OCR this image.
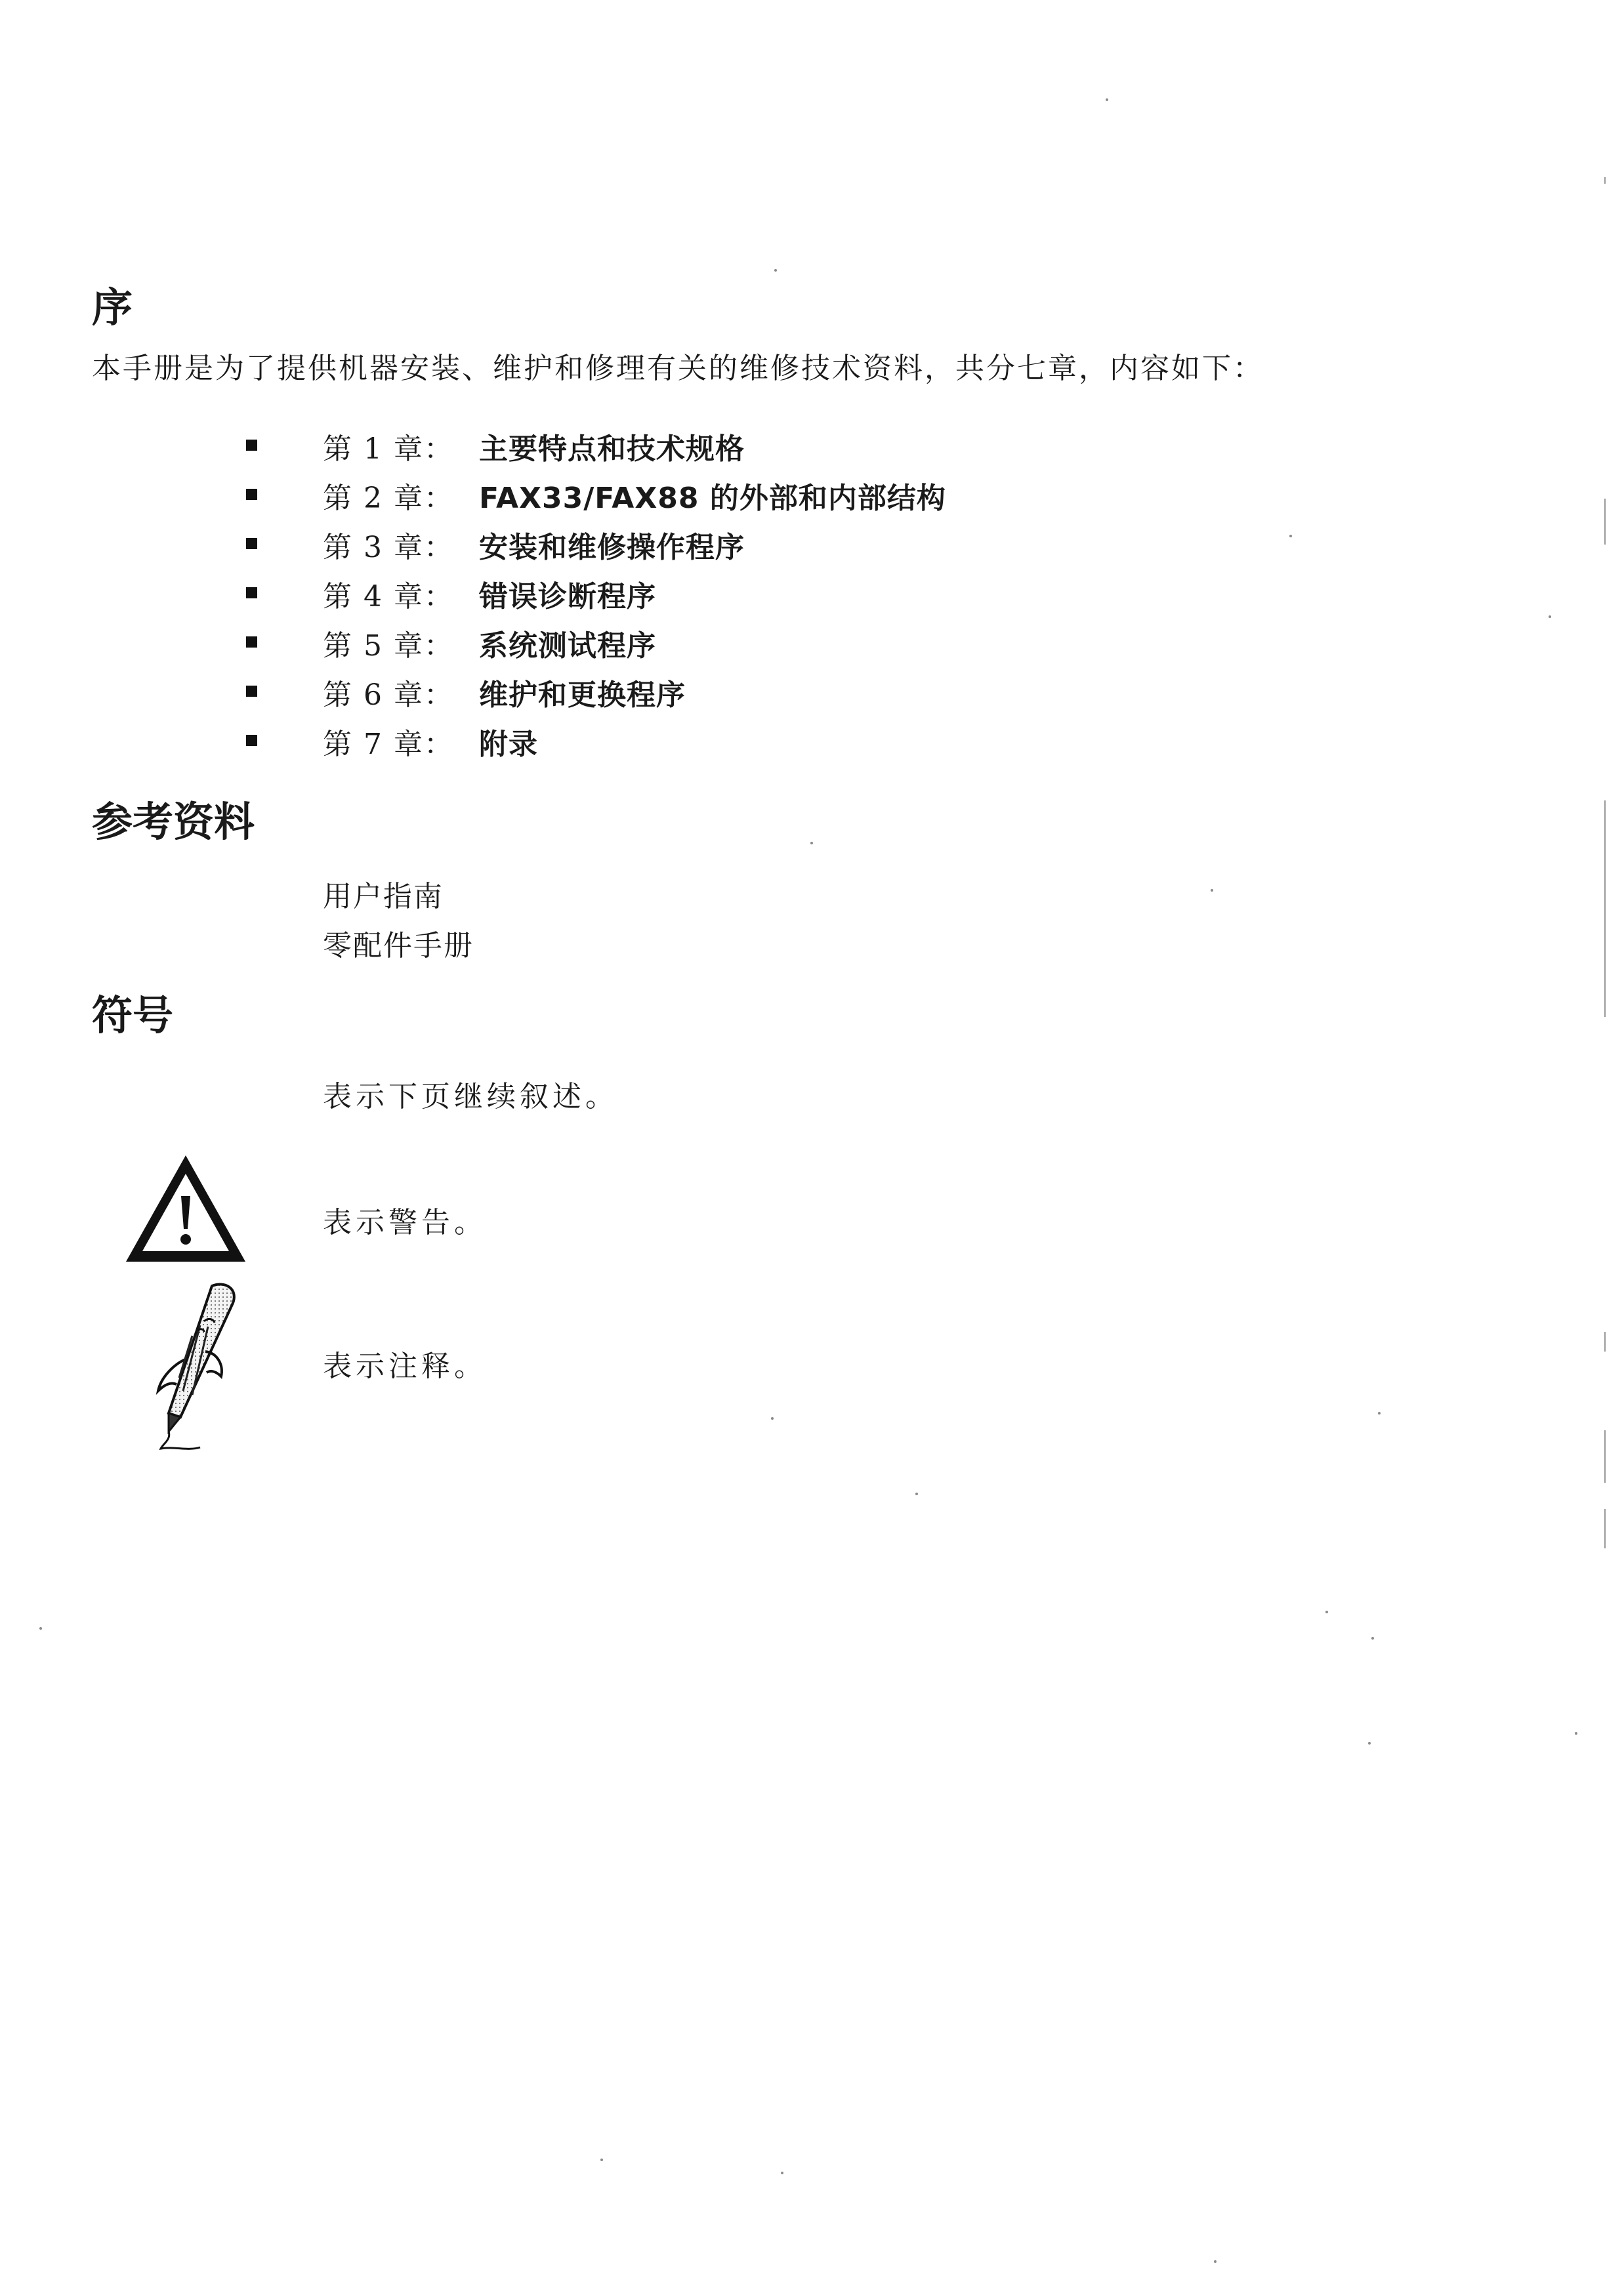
序
本手册是为了提供机器安装、维护和修理有关的维修技术资料，共分七章，内容如下：
第 1 章： 主要特点和技术规格
第 2 章： FAX33/FAX88 的外部和内部结构
第 3 章： 安装和维修操作程序
第 4 章： 错误诊断程序
第 5 章： 系统测试程序
第 6 章： 维护和更换程序
第 7 章： 附录
参考资料
用户指南
零配件手册
符号
表示下页继续叙述。
表示警告。
表示注释。
